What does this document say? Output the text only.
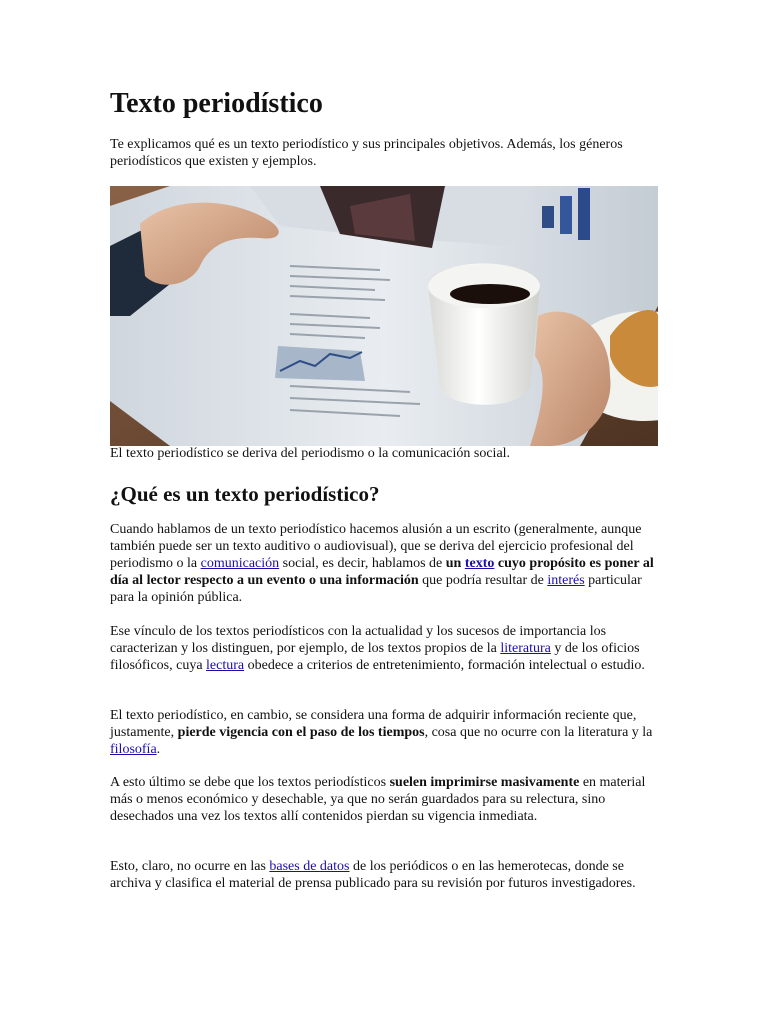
Texto periodístico

Te explicamos qué es un texto periodístico y sus principales objetivos. Además, los géneros periodísticos que existen y ejemplos.

El texto periodístico se deriva del periodismo o la comunicación social.

¿Qué es un texto periodístico?

Cuando hablamos de un texto periodístico hacemos alusión a un escrito (generalmente, aunque también puede ser un texto auditivo o audiovisual), que se deriva del ejercicio profesional del periodismo o la comunicación social, es decir, hablamos de un texto cuyo propósito es poner al día al lector respecto a un evento o una información que podría resultar de interés particular para la opinión pública.

Ese vínculo de los textos periodísticos con la actualidad y los sucesos de importancia los caracterizan y los distinguen, por ejemplo, de los textos propios de la literatura y de los oficios filosóficos, cuya lectura obedece a criterios de entretenimiento, formación intelectual o estudio.

El texto periodístico, en cambio, se considera una forma de adquirir información reciente que, justamente, pierde vigencia con el paso de los tiempos, cosa que no ocurre con la literatura y la filosofía.

A esto último se debe que los textos periodísticos suelen imprimirse masivamente en material más o menos económico y desechable, ya que no serán guardados para su relectura, sino desechados una vez los textos allí contenidos pierdan su vigencia inmediata.

Esto, claro, no ocurre en las bases de datos de los periódicos o en las hemerotecas, donde se archiva y clasifica el material de prensa publicado para su revisión por futuros investigadores.
